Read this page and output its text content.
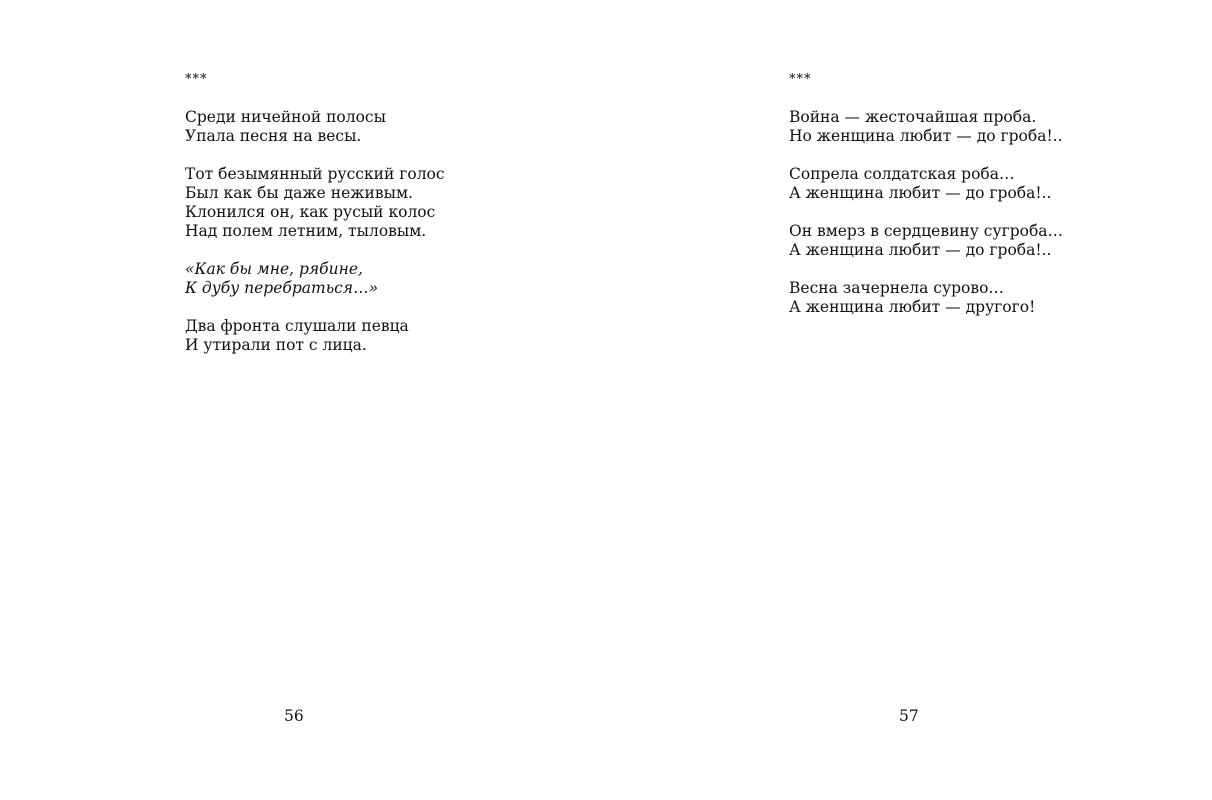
***
Среди ничейной полосы
Упала песня на весы.
Тот безымянный русский голос
Был как бы даже неживым.
Клонился он, как русый колос
Над полем летним, тыловым.
«Как бы мне, рябине,
К дубу перебраться…»
Два фронта слушали певца
И утирали пот с лица.
56
***
Война — жесточайшая проба.
Но женщина любит — до гроба!..
Сопрела солдатская роба…
А женщина любит — до гроба!..
Он вмерз в сердцевину сугроба…
А женщина любит — до гроба!..
Весна зачернела сурово…
А женщина любит — другого!
57
